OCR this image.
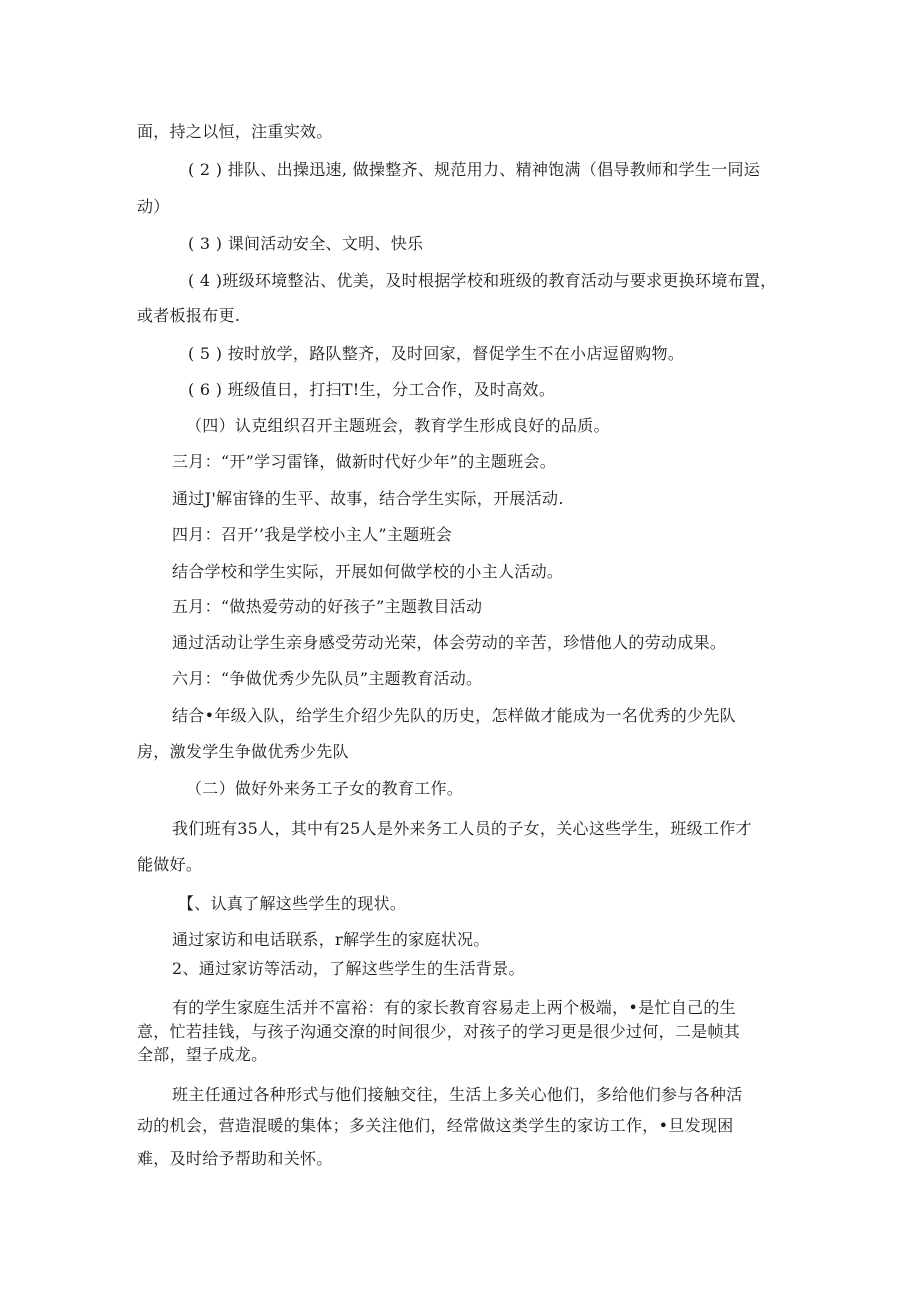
面，持之以恒，注重实效。
( 2 ) 排队、出操迅速, 做操整齐、规范用力、精神饱满（倡导教师和学生一同运
动）
( 3 ) 课间活动安全、文明、快乐
( 4 )班级环境整沾、优美，及时根据学校和班级的教育活动与要求更换环境布置，
或者板报布更.
( 5 ) 按时放学，路队整齐，及时回家，督促学生不在小店逗留购物。
( 6 ) 班级值日，打扫T!生，分工合作，及时高效。
（四）认克组织召开主题班会，教育学生形成良好的品质。
三月：“开”学习雷锋，做新时代好少年”的主题班会。
通过J'解宙锋的生平、故事，结合学生实际，开展活动.
四月：召开’’我是学校小主人”主题班会
结合学校和学生实际，开展如何做学校的小主人活动。
五月：“做热爱劳动的好孩子”主题教目活动
通过活动让学生亲身感受劳动光荣，体会劳动的辛苦，珍惜他人的劳动成果。
六月：“争做优秀少先队员”主题教育活动。
结合•年级入队，给学生介绍少先队的历史，怎样做才能成为一名优秀的少先队
房，激发学生争做优秀少先队
（二）做好外来务工子女的教育工作。
我们班有35人，其中有25人是外来务工人员的子女，关心这些学生，班级工作才
能做好。
【、认真了解这些学生的现状。
通过家访和电话联系，r解学生的家庭状况。
2、通过家访等活动，了解这些学生的生活背景。
有的学生家庭生活并不富裕：有的家长教育容易走上两个极端，•是忙自己的生
意，忙若挂钱，与孩子沟通交潦的时间很少，对孩子的学习更是很少过何，二是帧其
全部，望子成龙。
班主任通过各种形式与他们接触交往，生活上多关心他们，多给他们参与各种活
动的机会，营造混暖的集体；多关注他们，经常做这类学生的家访工作，•旦发现困
难，及时给予帮助和关怀。
